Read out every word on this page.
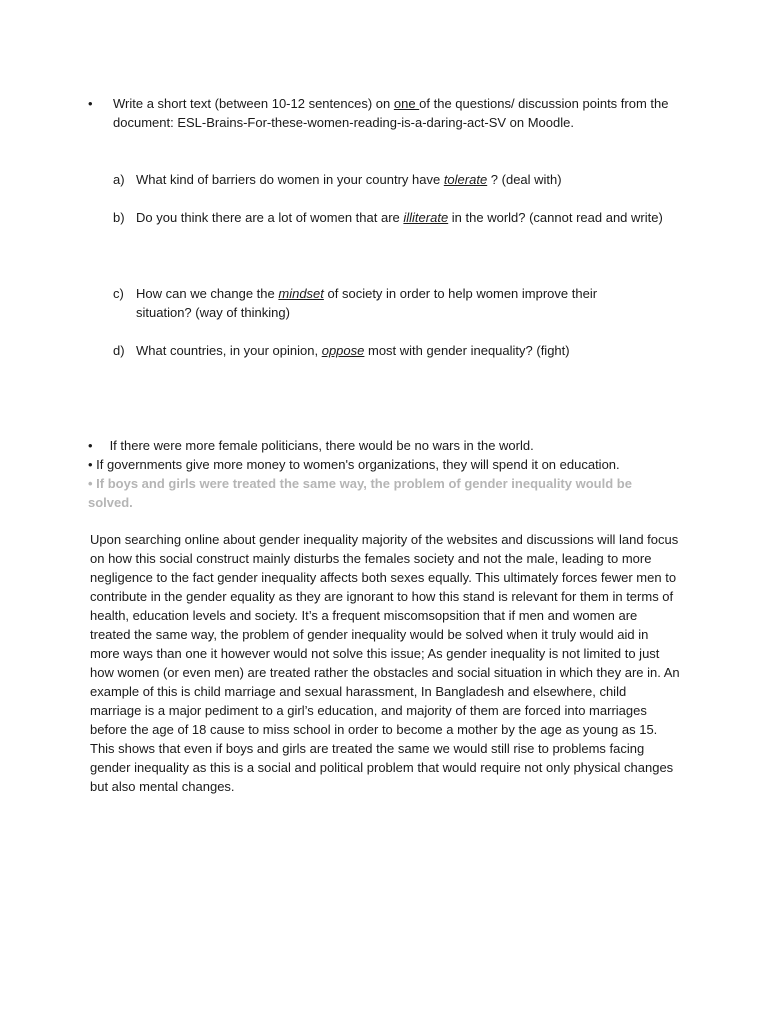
• Write a short text (between 10-12 sentences) on one of the questions/ discussion points from the document: ESL-Brains-For-these-women-reading-is-a-daring-act-SV on Moodle.
a) What kind of barriers do women in your country have tolerate ? (deal with)
b) Do you think there are a lot of women that are illiterate in the world? (cannot read and write)
c) How can we change the mindset of society in order to help women improve their situation? (way of thinking)
d) What countries, in your opinion, oppose most with gender inequality? (fight)
• If there were more female politicians, there would be no wars in the world.
• If governments give more money to women's organizations, they will spend it on education.
• If boys and girls were treated the same way, the problem of gender inequality would be solved.
Upon searching online about gender inequality majority of the websites and discussions will land focus on how this social construct mainly disturbs the females society and not the male, leading to more negligence to the fact gender inequality affects both sexes equally. This ultimately forces fewer men to contribute in the gender equality as they are ignorant to how this stand is relevant for them in terms of health, education levels and society. It’s a frequent miscomsopsition that if men and women are treated the same way, the problem of gender inequality would be solved when it truly would aid in more ways than one it however would not solve this issue; As gender inequality is not limited to just how women (or even men) are treated rather the obstacles and social situation in which they are in. An example of this is child marriage and sexual harassment, In Bangladesh and elsewhere, child marriage is a major pediment to a girl’s education, and majority of them are forced into marriages before the age of 18 cause to miss school in order to become a mother by the age as young as 15. This shows that even if boys and girls are treated the same we would still rise to problems facing gender inequality as this is a social and political problem that would require not only physical changes but also mental changes.
